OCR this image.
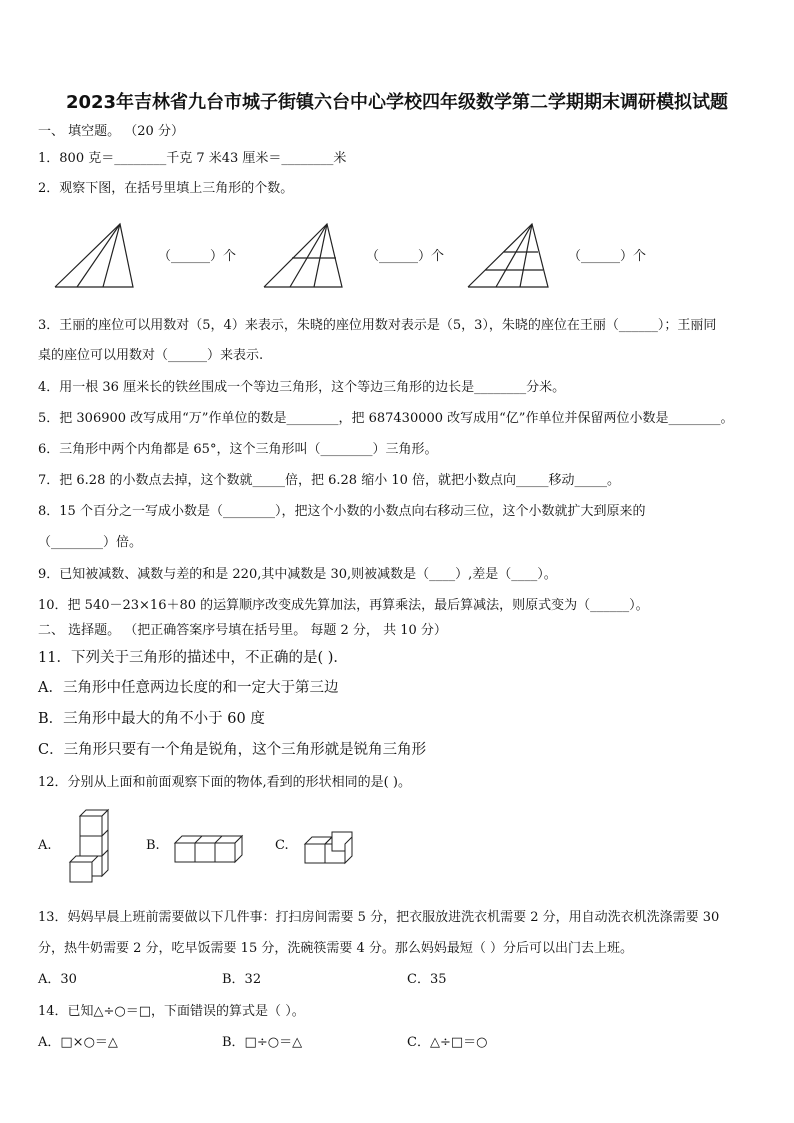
2023年吉林省九台市城子街镇六台中心学校四年级数学第二学期期末调研模拟试题
一、 填空题。 （20 分）
1．800 克＝________千克 7 米43 厘米＝________米
2．观察下图，在括号里填上三角形的个数。
（______）个	（______）个	（______）个
3．王丽的座位可以用数对（5，4）来表示，朱晓的座位用数对表示是（5，3），朱晓的座位在王丽（______）；王丽同
桌的座位可以用数对（______）来表示.
4．用一根 36 厘米长的铁丝围成一个等边三角形，这个等边三角形的边长是________分米。
5．把 306900 改写成用“万”作单位的数是________，把 687430000 改写成用“亿”作单位并保留两位小数是________。
6．三角形中两个内角都是 65°，这个三角形叫（________）三角形。
7．把 6.28 的小数点去掉，这个数就_____倍，把 6.28 缩小 10 倍，就把小数点向_____移动_____。
8．15 个百分之一写成小数是（________），把这个小数的小数点向右移动三位，这个小数就扩大到原来的
（________）倍。
9．已知被减数、减数与差的和是 220,其中减数是 30,则被减数是（____）,差是（____）。
10．把 540－23×16＋80 的运算顺序改变成先算加法，再算乘法，最后算减法，则原式变为（______）。
二、 选择题。 （把正确答案序号填在括号里。 每题 2 分， 共 10 分）
11．下列关于三角形的描述中，不正确的是( )．
A．三角形中任意两边长度的和一定大于第三边
B．三角形中最大的角不小于 60 度
C．三角形只要有一个角是锐角，这个三角形就是锐角三角形
12．分别从上面和前面观察下面的物体,看到的形状相同的是( )。
A.	B.	C.
13．妈妈早晨上班前需要做以下几件事：打扫房间需要 5 分，把衣服放进洗衣机需要 2 分，用自动洗衣机洗涤需要 30
分，热牛奶需要 2 分，吃早饭需要 15 分，洗碗筷需要 4 分。那么妈妈最短（ ）分后可以出门去上班。
A．30	B．32	C．35
14．已知△÷○＝□，下面错误的算式是（ ）。
A．□×○＝△	B．□÷○＝△	C．△÷□＝○
